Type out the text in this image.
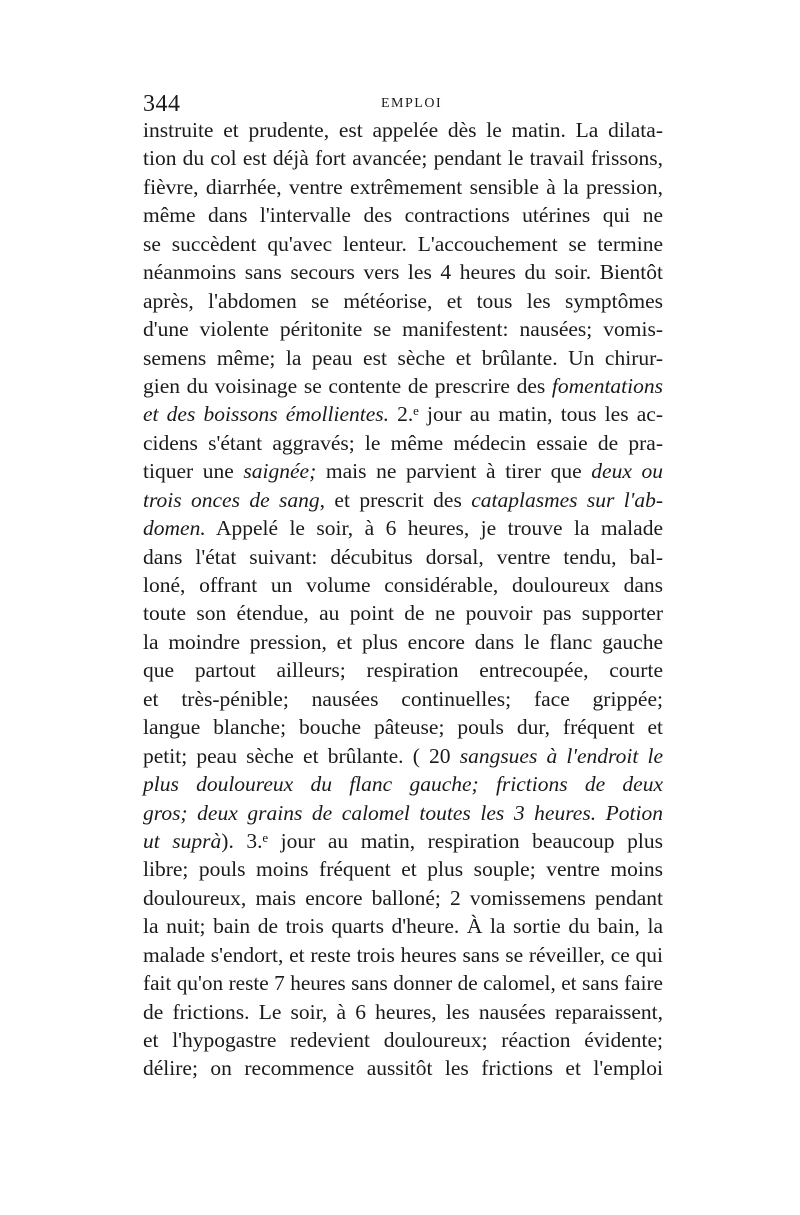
344	EMPLOI
instruite et prudente, est appelée dès le matin. La dilata-
tion du col est déjà fort avancée; pendant le travail frissons,
fièvre, diarrhée, ventre extrêmement sensible à la pression,
même dans l'intervalle des contractions utérines qui ne
se succèdent qu'avec lenteur. L'accouchement se termine
néanmoins sans secours vers les 4 heures du soir. Bientôt
après, l'abdomen se météorise, et tous les symptômes
d'une violente péritonite se manifestent: nausées; vomis-
semens même; la peau est sèche et brûlante. Un chirur-
gien du voisinage se contente de prescrire des fomentations
et des boissons émollientes. 2.ᵉ jour au matin, tous les ac-
cidens s'étant aggravés; le même médecin essaie de pra-
tiquer une saignée; mais ne parvient à tirer que deux ou
trois onces de sang, et prescrit des cataplasmes sur l'ab-
domen. Appelé le soir, à 6 heures, je trouve la malade
dans l'état suivant: décubitus dorsal, ventre tendu, bal-
loné, offrant un volume considérable, douloureux dans
toute son étendue, au point de ne pouvoir pas supporter
la moindre pression, et plus encore dans le flanc gauche
que partout ailleurs; respiration entrecoupée, courte
et très-pénible; nausées continuelles; face grippée;
langue blanche; bouche pâteuse; pouls dur, fréquent et
petit; peau sèche et brûlante. ( 20 sangsues à l'endroit le
plus douloureux du flanc gauche; frictions de deux
gros; deux grains de calomel toutes les 3 heures. Potion
ut suprà). 3.ᵉ jour au matin, respiration beaucoup plus
libre; pouls moins fréquent et plus souple; ventre moins
douloureux, mais encore balloné; 2 vomissemens pendant
la nuit; bain de trois quarts d'heure. À la sortie du bain, la
malade s'endort, et reste trois heures sans se réveiller, ce qui
fait qu'on reste 7 heures sans donner de calomel, et sans faire
de frictions. Le soir, à 6 heures, les nausées reparaissent,
et l'hypogastre redevient douloureux; réaction évidente;
délire; on recommence aussitôt les frictions et l'emploi
